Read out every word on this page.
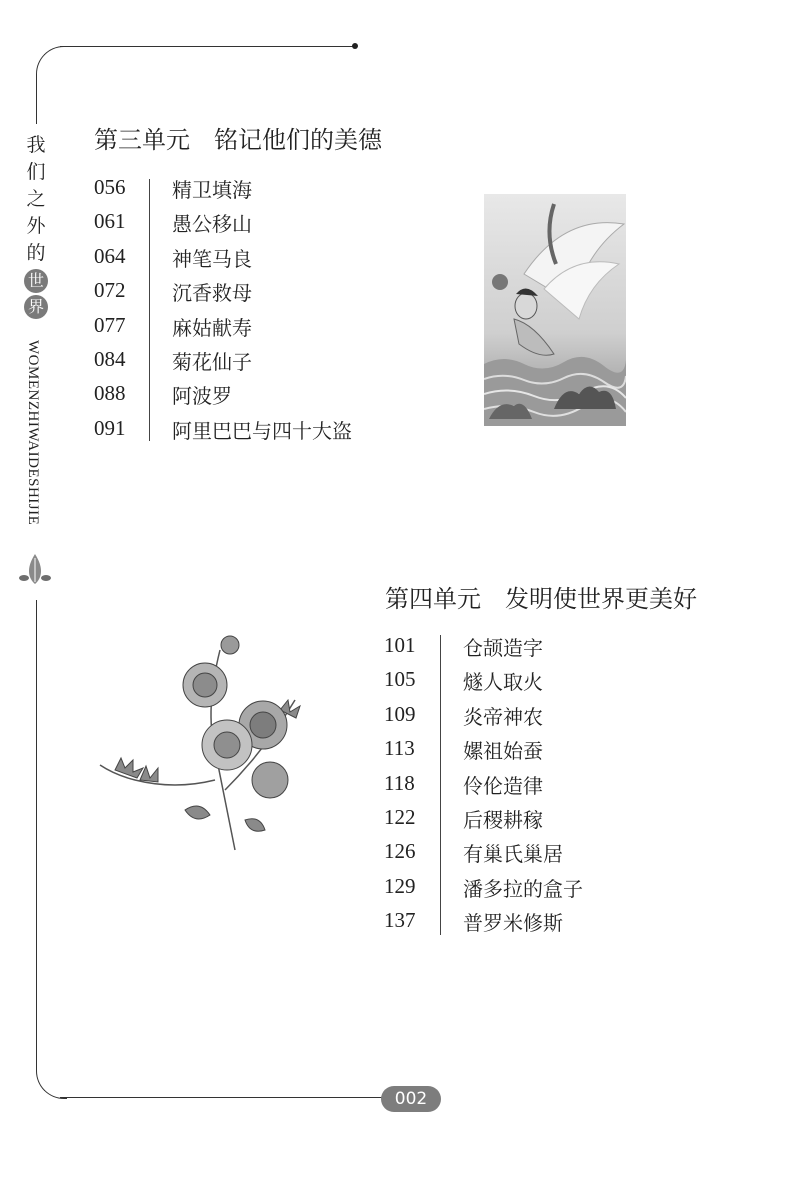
我
们
之
外
的
世
界
WOMENZHIWAIDESHIJIE
第三单元　铭记他们的美德
056 精卫填海
061 愚公移山
064 神笔马良
072 沉香救母
077 麻姑献寿
084 菊花仙子
088 阿波罗
091 阿里巴巴与四十大盗
第四单元　发明使世界更美好
101 仓颉造字
105 燧人取火
109 炎帝神农
113 嫘祖始蚕
118 伶伦造律
122 后稷耕稼
126 有巢氏巢居
129 潘多拉的盒子
137 普罗米修斯
002
